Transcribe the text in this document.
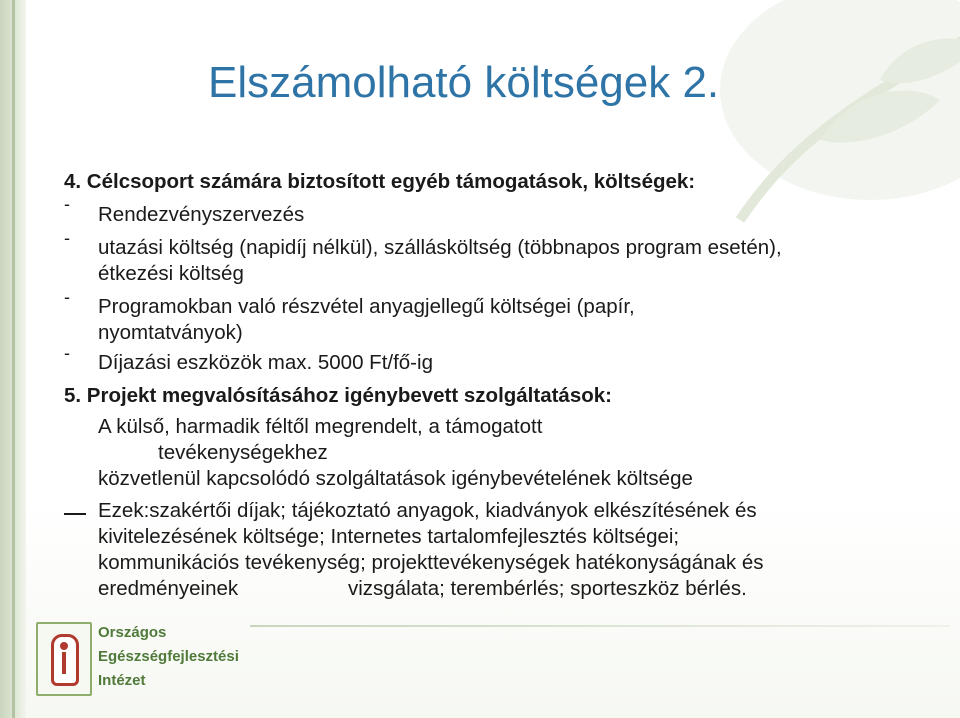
Elszámolható költségek 2.
4. Célcsoport számára biztosított egyéb támogatások, költségek:
- Rendezvényszervezés
- utazási költség (napidíj nélkül), szállásköltség (többnapos program esetén),
étkezési költség
- Programokban való részvétel anyagjellegű költségei (papír,
nyomtatványok)
- Díjazási eszközök max. 5000 Ft/fő-ig
5. Projekt megvalósításához igénybevett szolgáltatások:
A külső, harmadik féltől megrendelt, a támogatott
tevékenységekhez
közvetlenül kapcsolódó szolgáltatások igénybevételének költsége
Ezek:szakértői díjak; tájékoztató anyagok, kiadványok elkészítésének és
kivitelezésének költsége; Internetes tartalomfejlesztés költségei;
kommunikációs tevékenység; projekttevékenységek hatékonyságának és
eredményeinek	vizsgálata; terembérlés; sporteszköz bérlés.
Országos
Egészségfejlesztési
Intézet
